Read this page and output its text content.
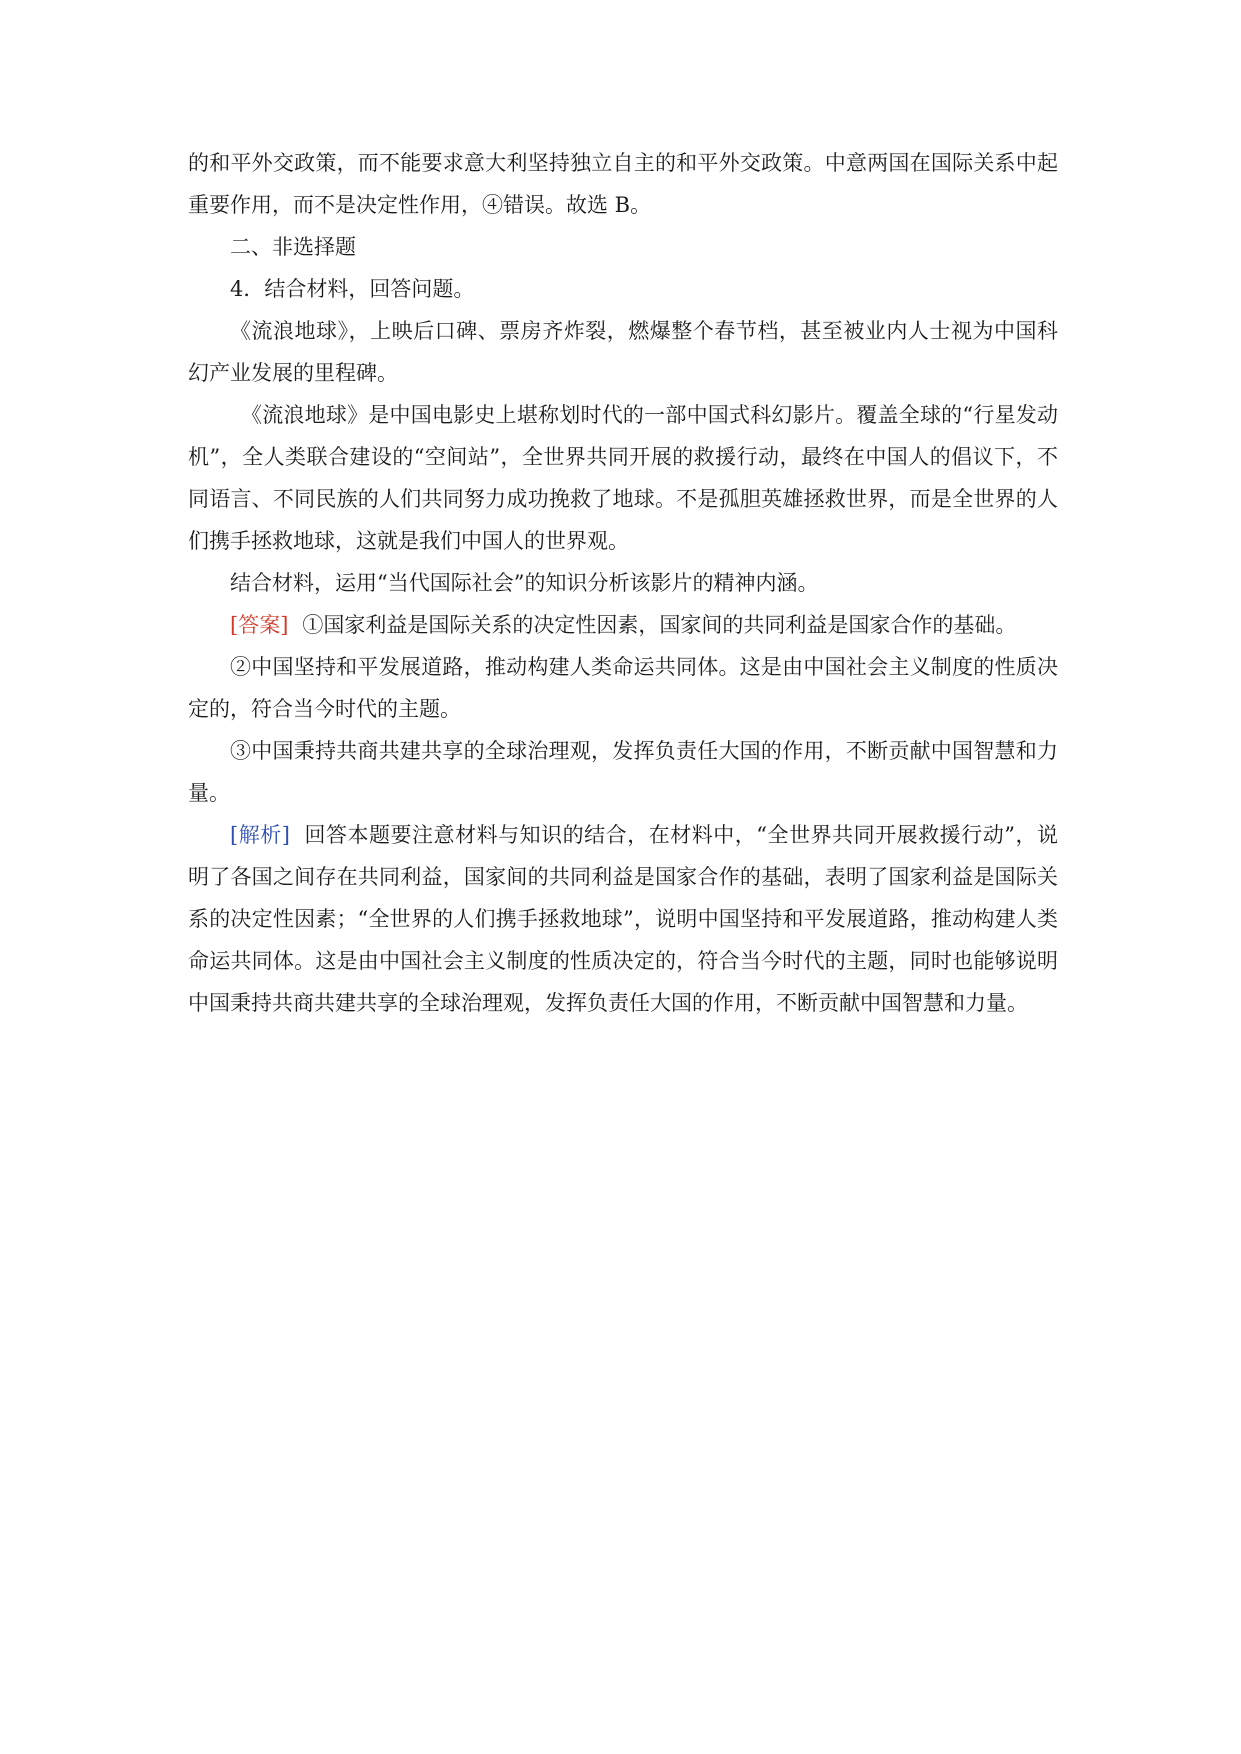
的和平外交政策，而不能要求意大利坚持独立自主的和平外交政策。中意两国在国际关系中起重要作用，而不是决定性作用，④错误。故选 B。

二、非选择题

4．结合材料，回答问题。

《流浪地球》，上映后口碑、票房齐炸裂，燃爆整个春节档，甚至被业内人士视为中国科幻产业发展的里程碑。

《流浪地球》是中国电影史上堪称划时代的一部中国式科幻影片。覆盖全球的“行星发动机”，全人类联合建设的“空间站”，全世界共同开展的救援行动，最终在中国人的倡议下，不同语言、不同民族的人们共同努力成功挽救了地球。不是孤胆英雄拯救世界，而是全世界的人们携手拯救地球，这就是我们中国人的世界观。

结合材料，运用“当代国际社会”的知识分析该影片的精神内涵。

[答案] ①国家利益是国际关系的决定性因素，国家间的共同利益是国家合作的基础。

②中国坚持和平发展道路，推动构建人类命运共同体。这是由中国社会主义制度的性质决定的，符合当今时代的主题。

③中国秉持共商共建共享的全球治理观，发挥负责任大国的作用，不断贡献中国智慧和力量。

[解析] 回答本题要注意材料与知识的结合，在材料中，“全世界共同开展救援行动”，说明了各国之间存在共同利益，国家间的共同利益是国家合作的基础，表明了国家利益是国际关系的决定性因素；“全世界的人们携手拯救地球”，说明中国坚持和平发展道路，推动构建人类命运共同体。这是由中国社会主义制度的性质决定的，符合当今时代的主题，同时也能够说明中国秉持共商共建共享的全球治理观，发挥负责任大国的作用，不断贡献中国智慧和力量。
